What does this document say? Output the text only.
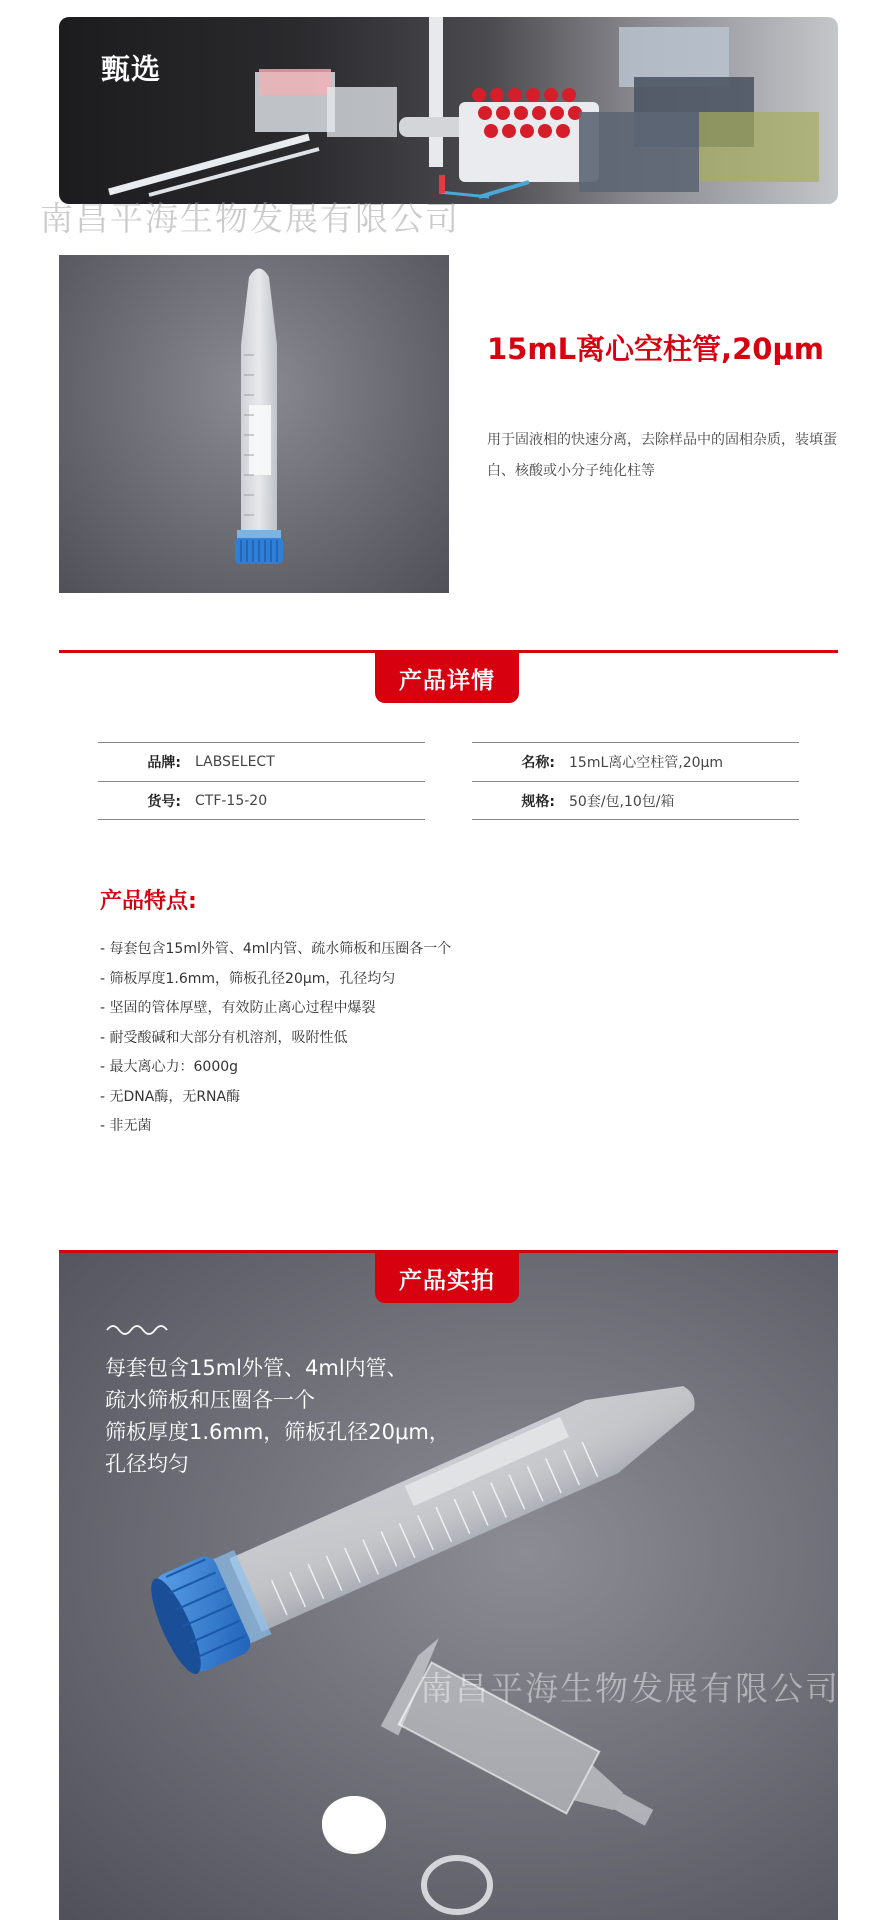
甄选
南昌平海生物发展有限公司
15mL离心空柱管,20μm
用于固液相的快速分离，去除样品中的固相杂质，装填蛋白、核酸或小分子纯化柱等
产品详情
品牌:	LABSELECT
货号:	CTF-15-20
名称:	15mL离心空柱管,20μm
规格:	50套/包,10包/箱
产品特点:
- 每套包含15ml外管、4ml内管、疏水筛板和压圈各一个
- 筛板厚度1.6mm，筛板孔径20μm，孔径均匀
- 坚固的管体厚壁，有效防止离心过程中爆裂
- 耐受酸碱和大部分有机溶剂，吸附性低
- 最大离心力：6000g
- 无DNA酶，无RNA酶
- 非无菌
每套包含15ml外管、4ml内管、
疏水筛板和压圈各一个
筛板厚度1.6mm，筛板孔径20μm，
孔径均匀
产品实拍
南昌平海生物发展有限公司
